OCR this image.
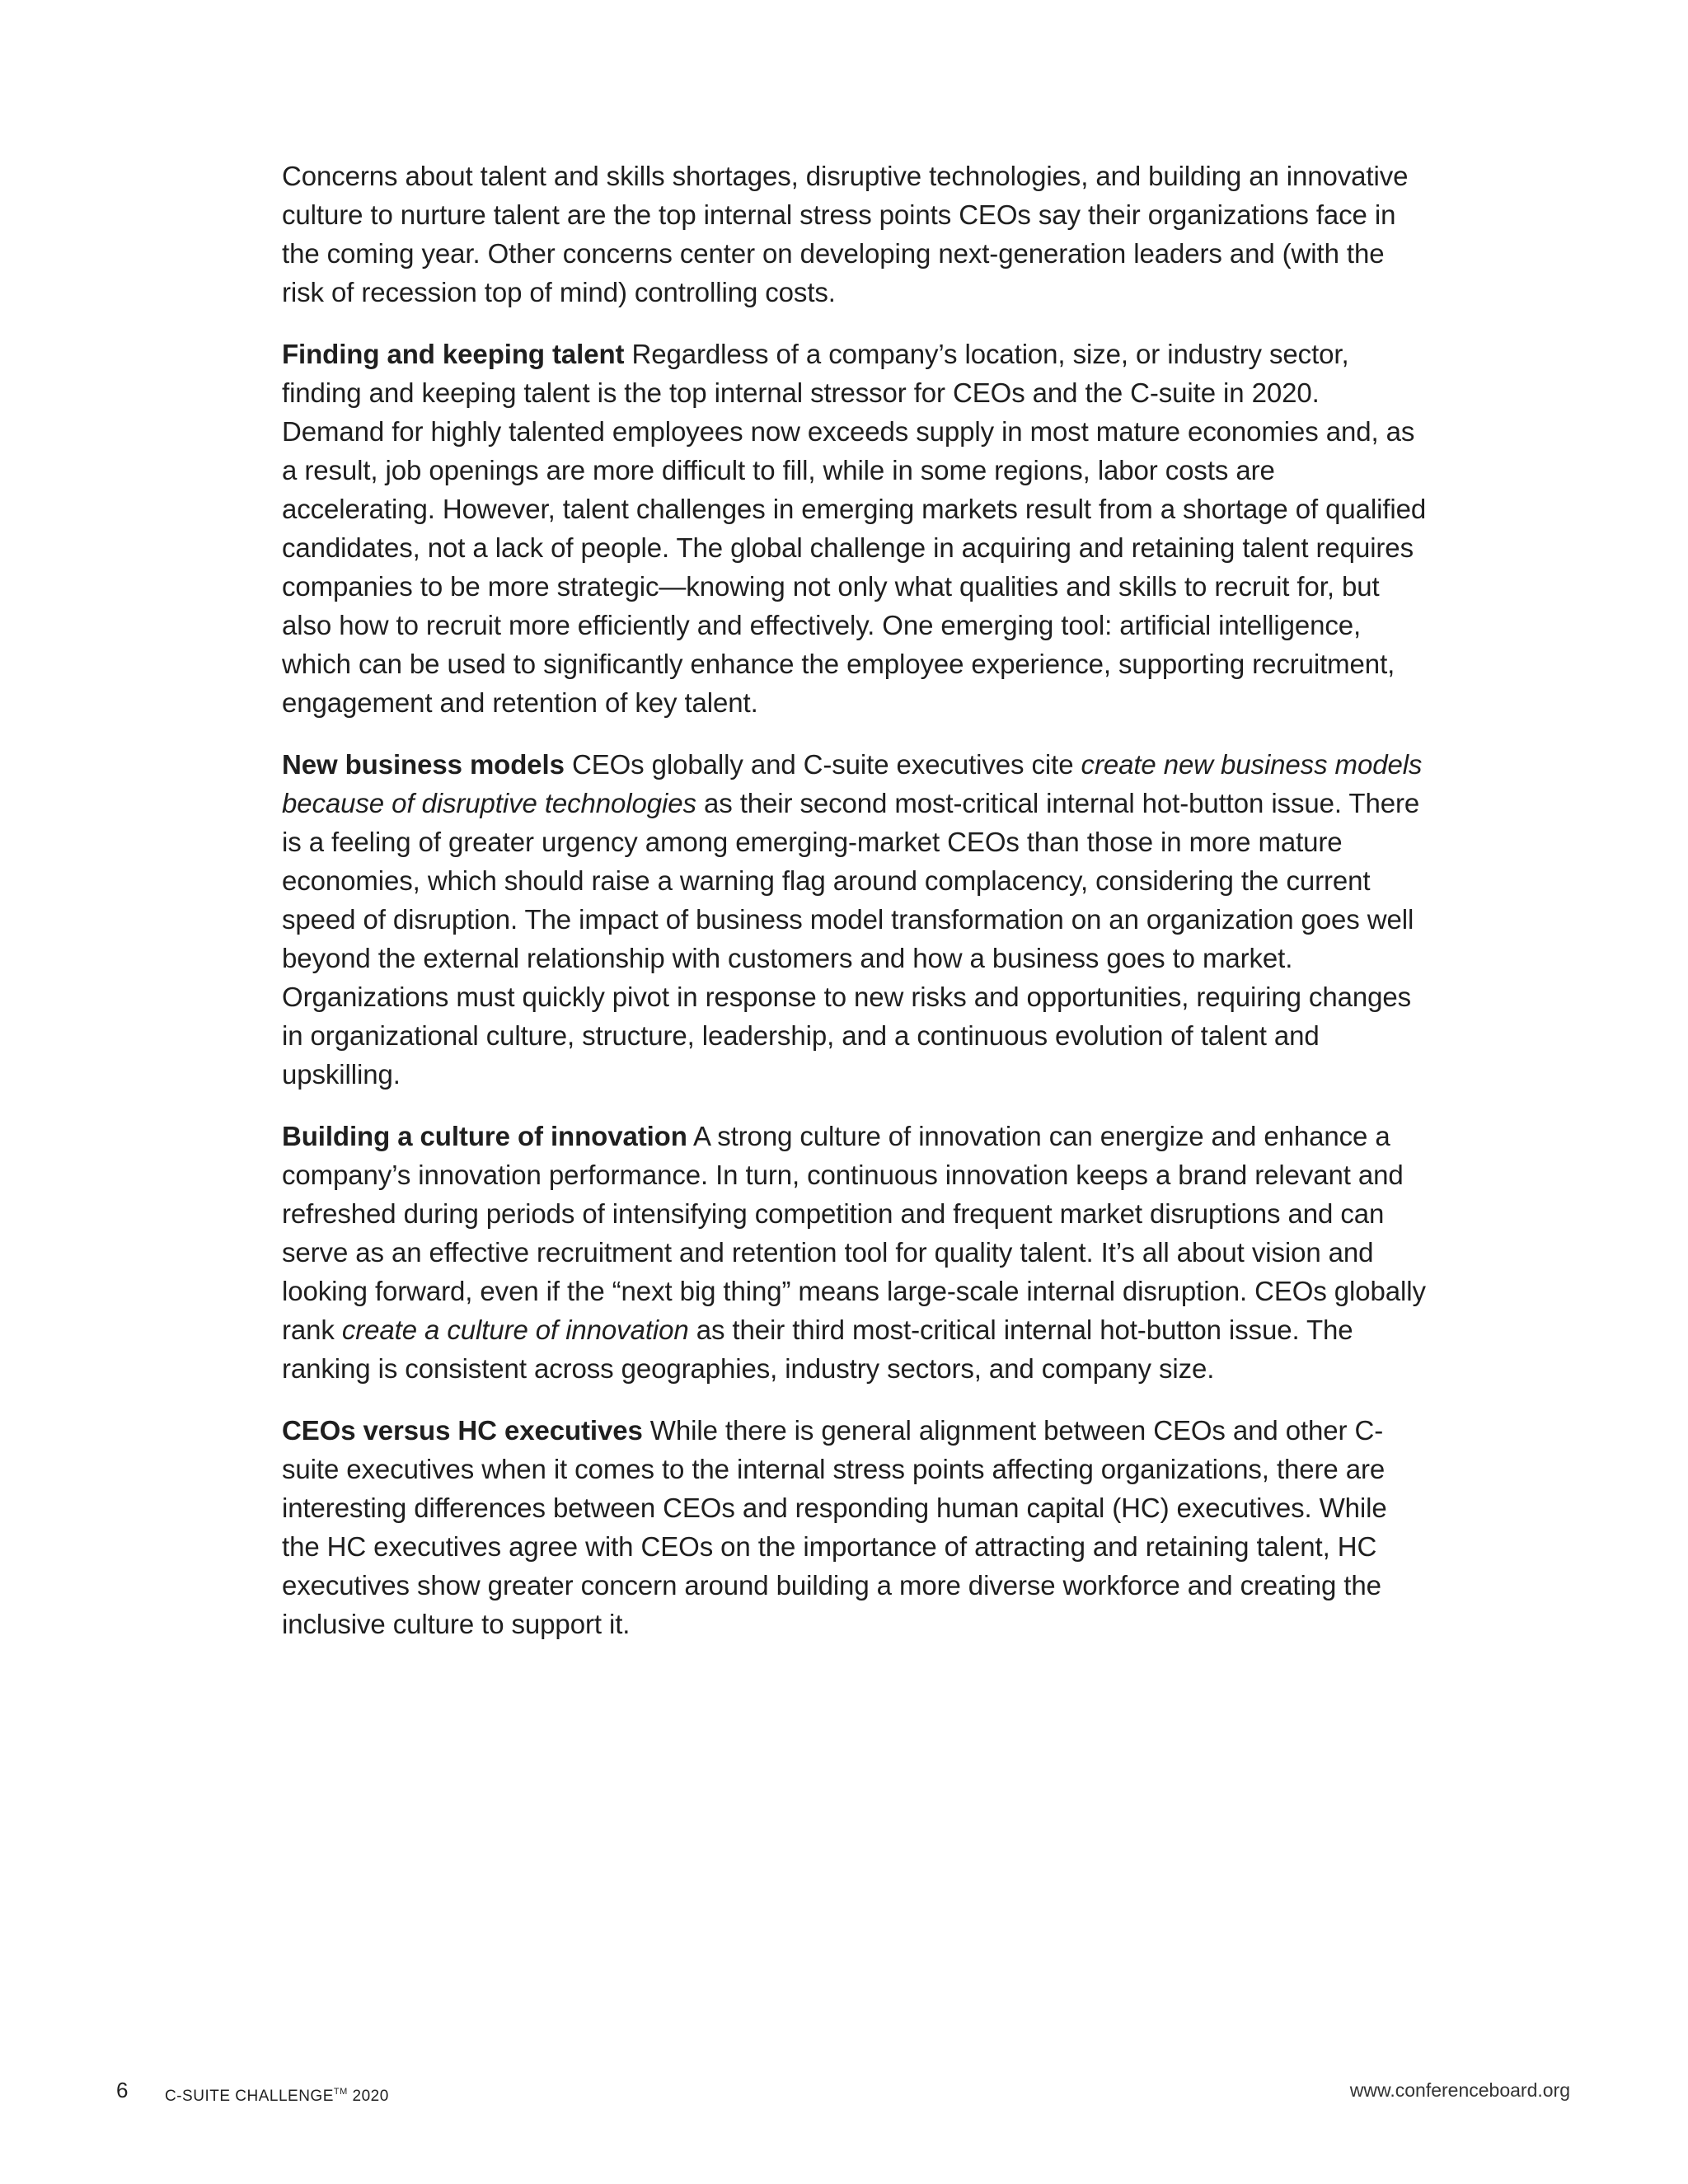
Concerns about talent and skills shortages, disruptive technologies, and building an innovative culture to nurture talent are the top internal stress points CEOs say their organizations face in the coming year. Other concerns center on developing next-generation leaders and (with the risk of recession top of mind) controlling costs.

Finding and keeping talent Regardless of a company’s location, size, or industry sector, finding and keeping talent is the top internal stressor for CEOs and the C-suite in 2020. Demand for highly talented employees now exceeds supply in most mature economies and, as a result, job openings are more difficult to fill, while in some regions, labor costs are accelerating. However, talent challenges in emerging markets result from a shortage of qualified candidates, not a lack of people. The global challenge in acquiring and retaining talent requires companies to be more strategic—knowing not only what qualities and skills to recruit for, but also how to recruit more efficiently and effectively. One emerging tool: artificial intelligence, which can be used to significantly enhance the employee experience, supporting recruitment, engagement and retention of key talent.

New business models CEOs globally and C-suite executives cite create new business models because of disruptive technologies as their second most-critical internal hot-button issue. There is a feeling of greater urgency among emerging-market CEOs than those in more mature economies, which should raise a warning flag around complacency, considering the current speed of disruption. The impact of business model transformation on an organization goes well beyond the external relationship with customers and how a business goes to market. Organizations must quickly pivot in response to new risks and opportunities, requiring changes in organizational culture, structure, leadership, and a continuous evolution of talent and upskilling.

Building a culture of innovation A strong culture of innovation can energize and enhance a company’s innovation performance. In turn, continuous innovation keeps a brand relevant and refreshed during periods of intensifying competition and frequent market disruptions and can serve as an effective recruitment and retention tool for quality talent. It’s all about vision and looking forward, even if the “next big thing” means large-scale internal disruption. CEOs globally rank create a culture of innovation as their third most-critical internal hot-button issue. The ranking is consistent across geographies, industry sectors, and company size.

CEOs versus HC executives While there is general alignment between CEOs and other C-suite executives when it comes to the internal stress points affecting organizations, there are interesting differences between CEOs and responding human capital (HC) executives. While the HC executives agree with CEOs on the importance of attracting and retaining talent, HC executives show greater concern around building a more diverse workforce and creating the inclusive culture to support it.

6 C-SUITE CHALLENGE™ 2020	www.conferenceboard.org
